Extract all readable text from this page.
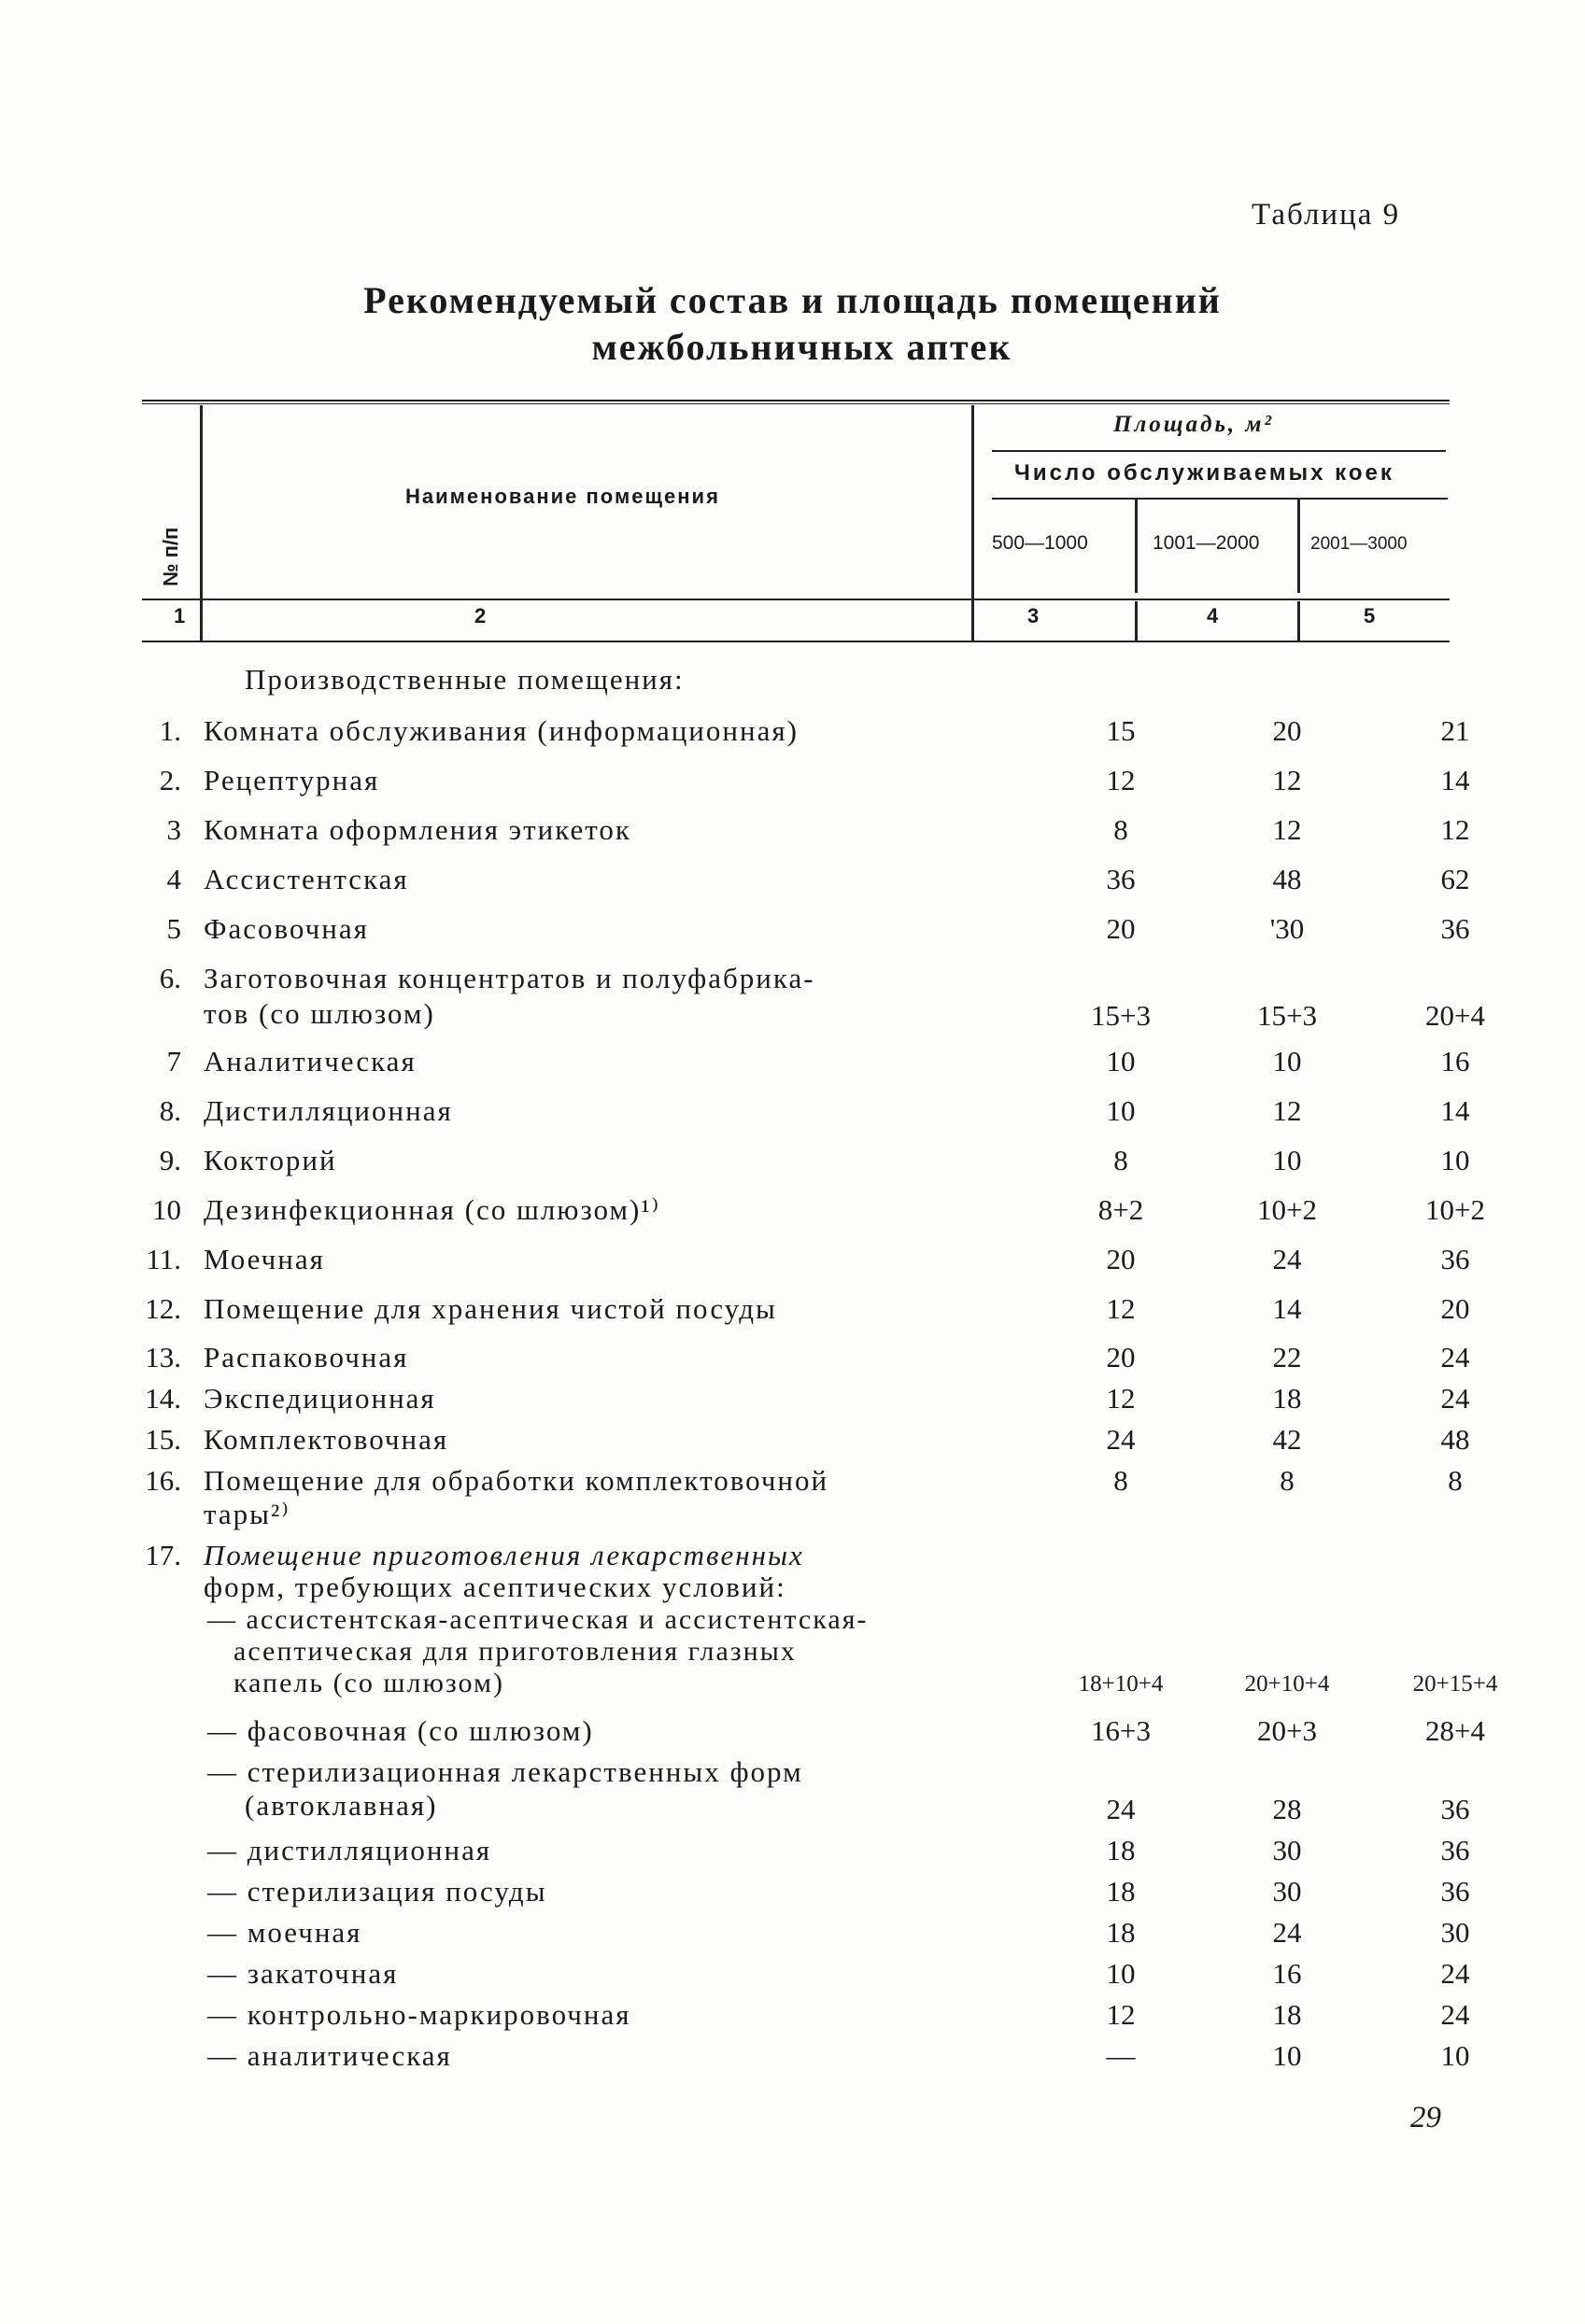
Таблица 9
Рекомендуемый состав и площадь помещений
межбольничных аптек
№ п/п
Наименование помещения
Площадь, м²
Число обслуживаемых коек
500—1000	1001—2000	2001—3000
1	2	3	4	5
Производственные помещения:
1. Комната обслуживания (информационная)	15	20	21
2. Рецептурная	12	12	14
3 Комната оформления этикеток	8	12	12
4 Ассистентская	36	48	62
5 Фасовочная	20	'30	36
6. Заготовочная концентратов и полуфабрика-
тов (со шлюзом)	15+3	15+3	20+4
7 Аналитическая	10	10	16
8. Дистилляционная	10	12	14
9. Кокторий	8	10	10
10 Дезинфекционная (со шлюзом)¹⁾	8+2	10+2	10+2
11. Моечная	20	24	36
12. Помещение для хранения чистой посуды	12	14	20
13. Распаковочная	20	22	24
14. Экспедиционная	12	18	24
15. Комплектовочная	24	42	48
16. Помещение для обработки комплектовочной
тары²⁾
8	8	8
17. Помещение приготовления лекарственных
форм, требующих асептических условий:
— ассистентская-асептическая и ассистентская-
асептическая для приготовления глазных
капель (со шлюзом)	18+10+4	20+10+4	20+15+4
— фасовочная (со шлюзом)	16+3	20+3	28+4
— стерилизационная лекарственных форм
(автоклавная)	24	28	36
— дистилляционная	18	30	36
— стерилизация посуды	18	30	36
— моечная	18	24	30
— закаточная	10	16	24
— контрольно-маркировочная	12	18	24
— аналитическая	—	10	10
29
